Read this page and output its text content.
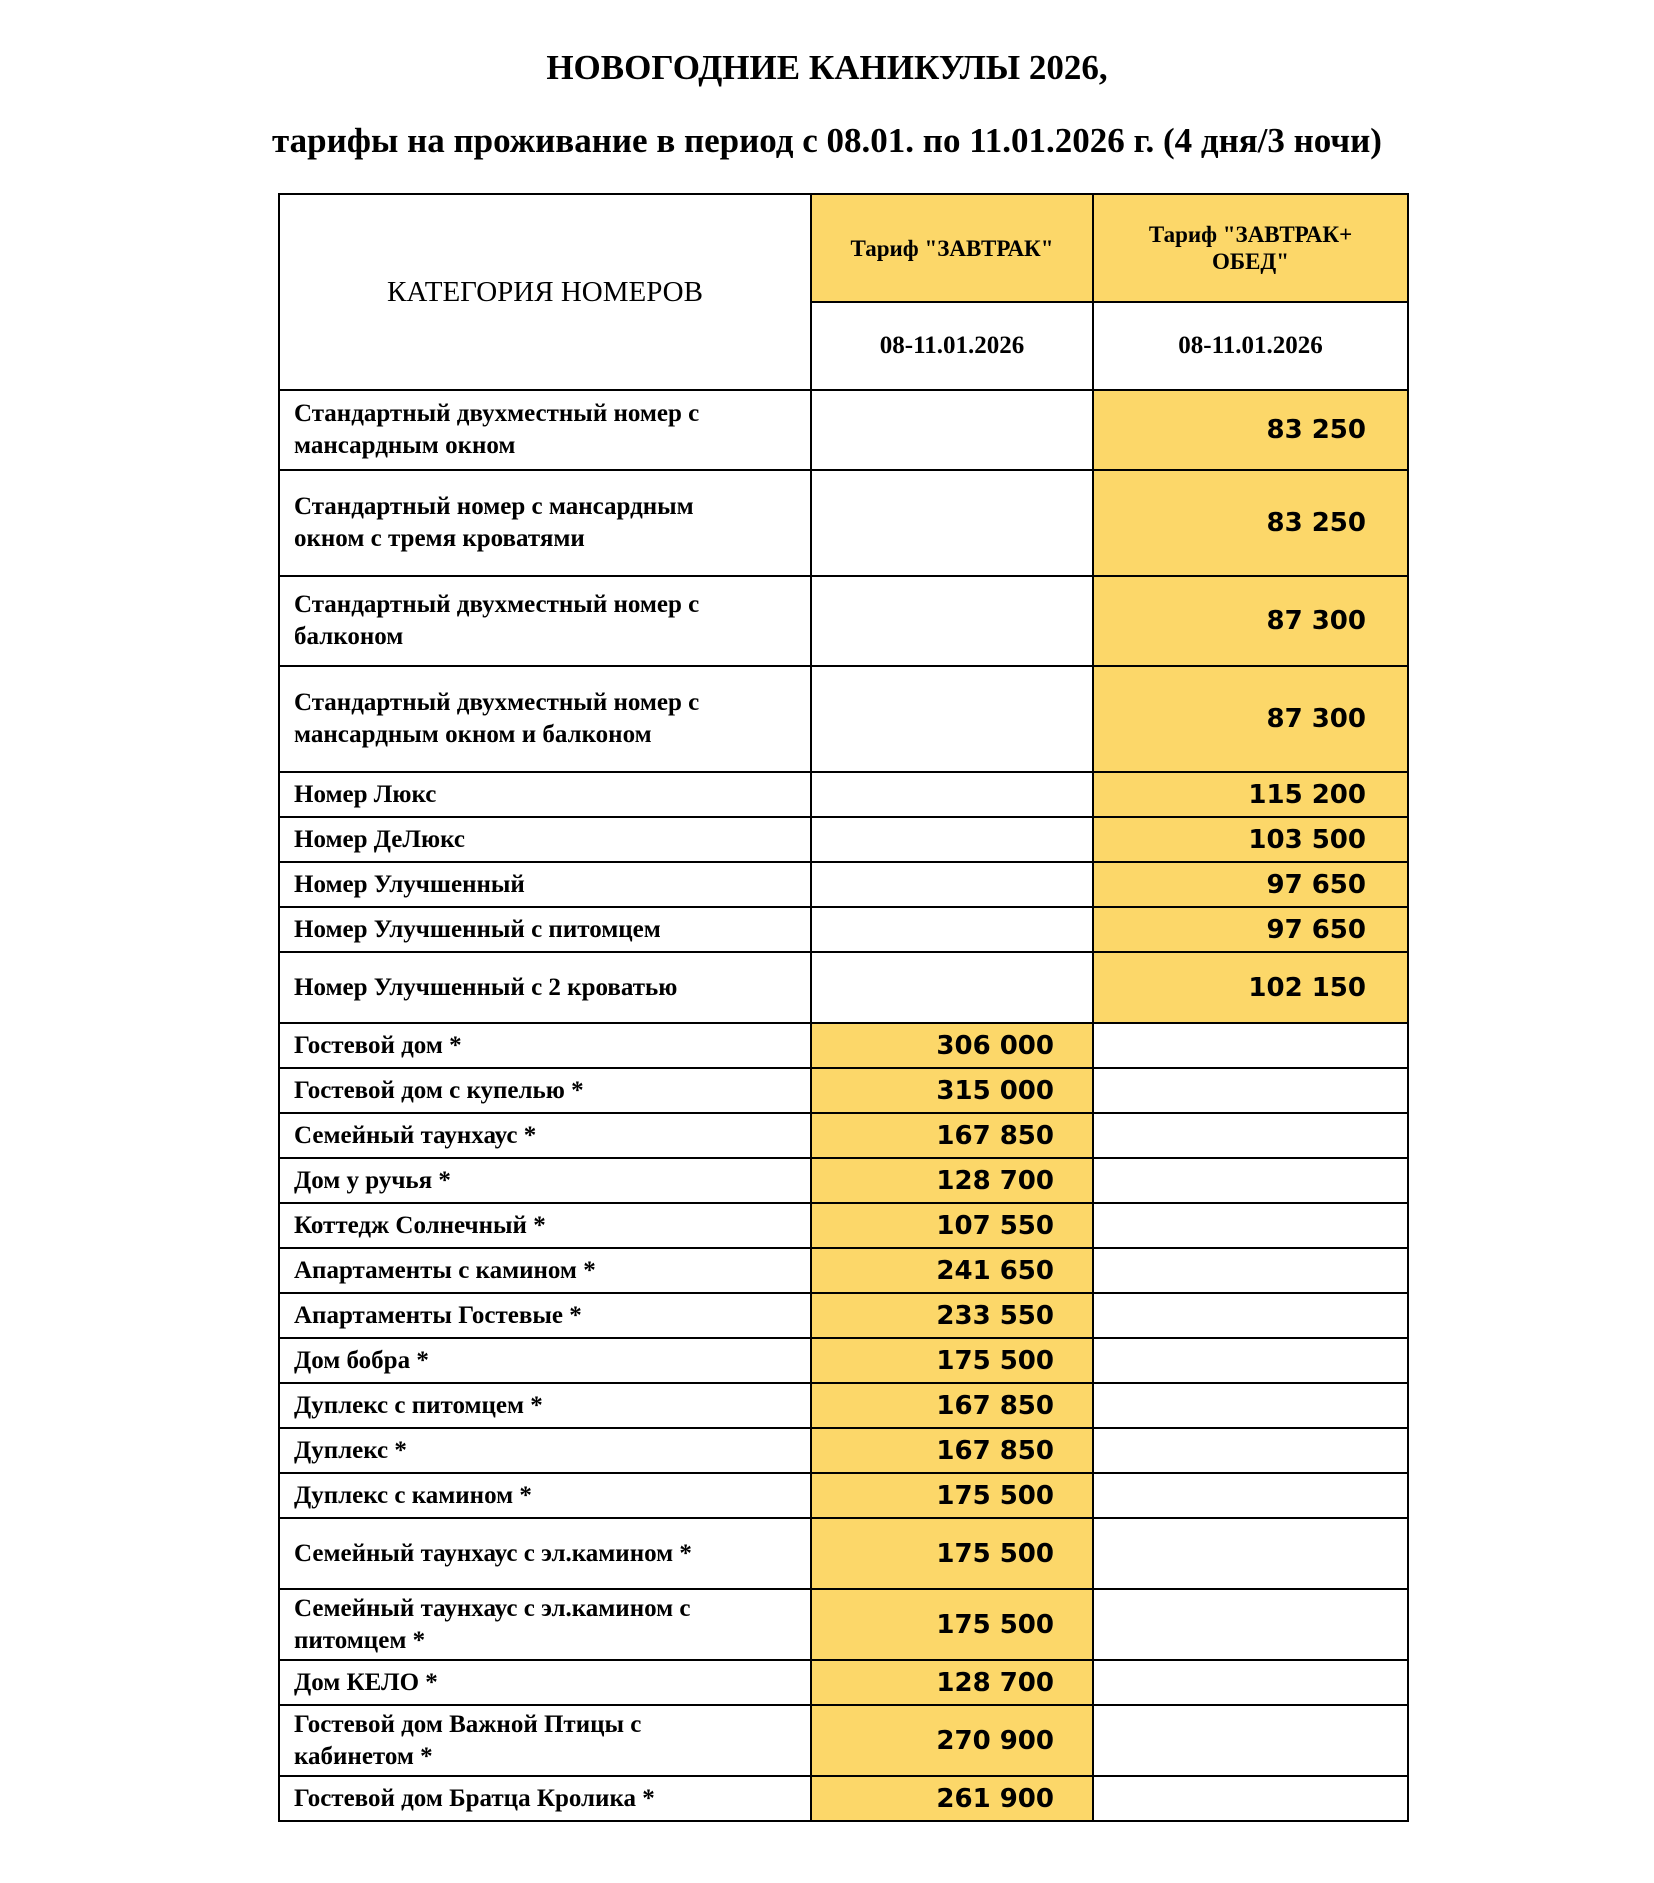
НОВОГОДНИЕ КАНИКУЛЫ 2026,
тарифы на проживание в период с 08.01. по 11.01.2026 г. (4 дня/3 ночи)
КАТЕГОРИЯ НОМЕРОВ	Тариф "ЗАВТРАК"	Тариф "ЗАВТРАК+
ОБЕД"
	08-11.01.2026	08-11.01.2026
Стандартный двухместный номер с
мансардным окном		83 250
Стандартный номер с мансардным
окном с тремя кроватями		83 250
Стандартный двухместный номер с
балконом		87 300
Стандартный двухместный номер с
мансардным окном и балконом		87 300
Номер Люкс		115 200
Номер ДеЛюкс		103 500
Номер Улучшенный		97 650
Номер Улучшенный с питомцем		97 650
Номер Улучшенный с 2 кроватью		102 150
Гостевой дом *	306 000	
Гостевой дом с купелью *	315 000	
Семейный таунхаус *	167 850	
Дом у ручья *	128 700	
Коттедж Солнечный *	107 550	
Апартаменты с камином *	241 650	
Апартаменты Гостевые *	233 550	
Дом бобра *	175 500	
Дуплекс с питомцем *	167 850	
Дуплекс *	167 850	
Дуплекс с камином *	175 500	
Семейный таунхаус с эл.камином *	175 500	
Семейный таунхаус с эл.камином с
питомцем *	175 500	
Дом КЕЛО *	128 700	
Гостевой дом Важной Птицы с
кабинетом *	270 900	
Гостевой дом Братца Кролика *	261 900	
